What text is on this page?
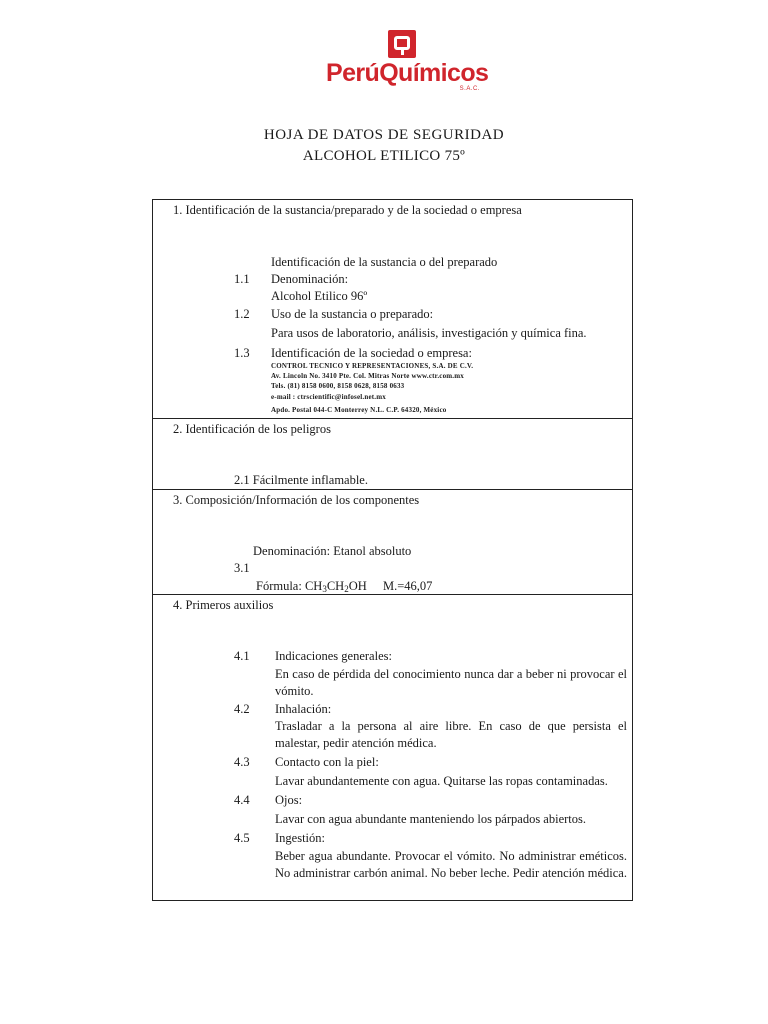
PerúQuímicos
S.A.C.
HOJA DE DATOS DE SEGURIDAD
ALCOHOL ETILICO 75º
1. Identificación de la sustancia/preparado y de la sociedad o empresa
Identificación de la sustancia o del preparado
1.1 Denominación:
Alcohol Etilico 96º
1.2 Uso de la sustancia o preparado:
Para usos de laboratorio, análisis, investigación y química fina.
1.3 Identificación de la sociedad o empresa:
CONTROL TECNICO Y REPRESENTACIONES, S.A. DE C.V.
Av. Lincoln No. 3410 Pte. Col. Mitras Norte www.ctr.com.mx
Tels. (81) 8158 0600, 8158 0628, 8158 0633
e-mail : ctrscientific@infosel.net.mx
Apdo. Postal 044-C Monterrey N.L. C.P. 64320, México
2. Identificación de los peligros
2.1 Fácilmente inflamable.
3. Composición/Información de los componentes
Denominación: Etanol absoluto
3.1
Fórmula: $CH_3CH_2OH$ M.=46,07
4. Primeros auxilios
4.1 Indicaciones generales:
En caso de pérdida del conocimiento nunca dar a beber ni provocar el vómito.
4.2 Inhalación:
Trasladar a la persona al aire libre. En caso de que persista el malestar, pedir atención médica.
4.3 Contacto con la piel:
Lavar abundantemente con agua. Quitarse las ropas contaminadas.
4.4 Ojos:
Lavar con agua abundante manteniendo los párpados abiertos.
4.5 Ingestión:
Beber agua abundante. Provocar el vómito. No administrar eméticos. No administrar carbón animal. No beber leche. Pedir atención médica.
